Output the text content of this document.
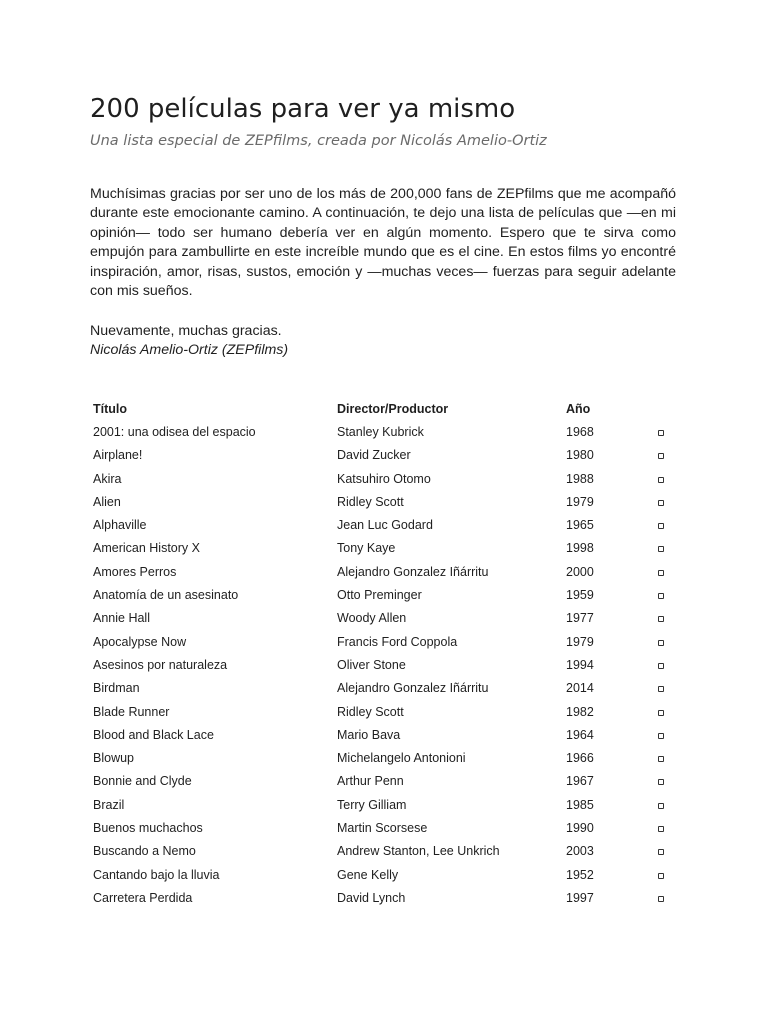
200 películas para ver ya mismo

Una lista especial de ZEPfilms, creada por Nicolás Amelio-Ortiz

Muchísimas gracias por ser uno de los más de 200,000 fans de ZEPfilms que me acompañó durante este emocionante camino. A continuación, te dejo una lista de películas que —en mi opinión— todo ser humano debería ver en algún momento. Espero que te sirva como empujón para zambullirte en este increíble mundo que es el cine. En estos films yo encontré inspiración, amor, risas, sustos, emoción y —muchas veces— fuerzas para seguir adelante con mis sueños.

Nuevamente, muchas gracias.

Nicolás Amelio-Ortiz (ZEPfilms)

Título	Director/Productor	Año
2001: una odisea del espacio	Stanley Kubrick	1968
Airplane!	David Zucker	1980
Akira	Katsuhiro Otomo	1988
Alien	Ridley Scott	1979
Alphaville	Jean Luc Godard	1965
American History X	Tony Kaye	1998
Amores Perros	Alejandro Gonzalez Iñárritu	2000
Anatomía de un asesinato	Otto Preminger	1959
Annie Hall	Woody Allen	1977
Apocalypse Now	Francis Ford Coppola	1979
Asesinos por naturaleza	Oliver Stone	1994
Birdman	Alejandro Gonzalez Iñárritu	2014
Blade Runner	Ridley Scott	1982
Blood and Black Lace	Mario Bava	1964
Blowup	Michelangelo Antonioni	1966
Bonnie and Clyde	Arthur Penn	1967
Brazil	Terry Gilliam	1985
Buenos muchachos	Martin Scorsese	1990
Buscando a Nemo	Andrew Stanton, Lee Unkrich	2003
Cantando bajo la lluvia	Gene Kelly	1952
Carretera Perdida	David Lynch	1997
